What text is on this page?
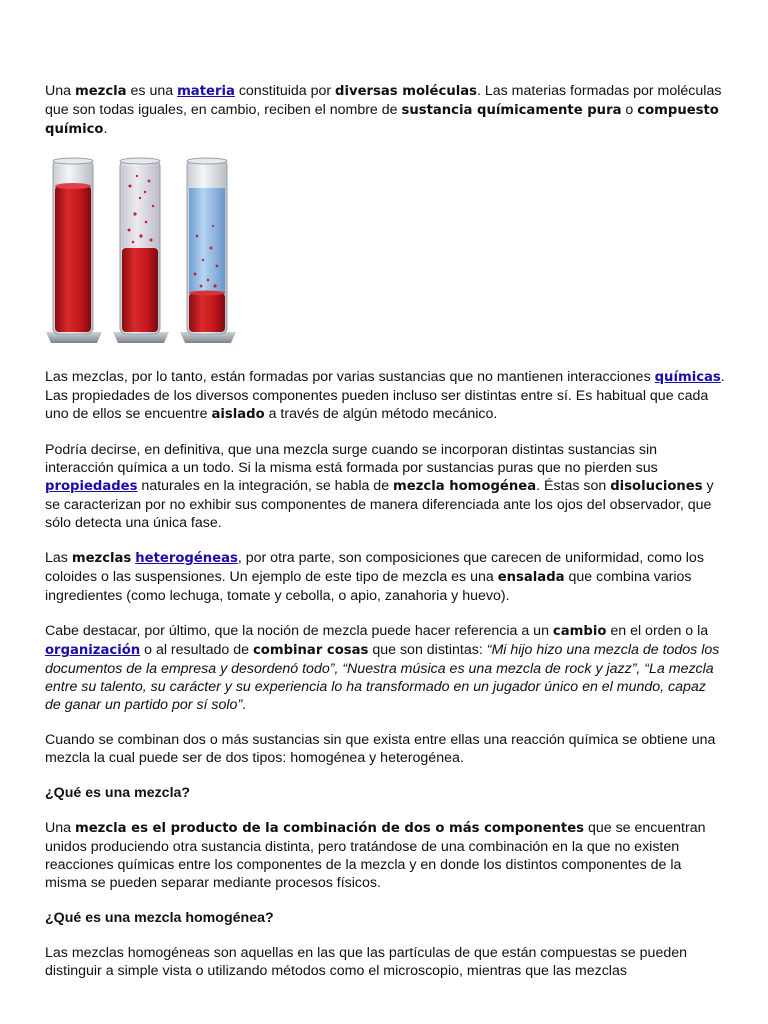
Una mezcla es una materia constituida por diversas moléculas. Las materias formadas por moléculas que son todas iguales, en cambio, reciben el nombre de sustancia químicamente pura o compuesto químico.

Las mezclas, por lo tanto, están formadas por varias sustancias que no mantienen interacciones químicas. Las propiedades de los diversos componentes pueden incluso ser distintas entre sí. Es habitual que cada uno de ellos se encuentre aislado a través de algún método mecánico.

Podría decirse, en definitiva, que una mezcla surge cuando se incorporan distintas sustancias sin interacción química a un todo. Si la misma está formada por sustancias puras que no pierden sus propiedades naturales en la integración, se habla de mezcla homogénea. Éstas son disoluciones y se caracterizan por no exhibir sus componentes de manera diferenciada ante los ojos del observador, que sólo detecta una única fase.

Las mezclas heterogéneas, por otra parte, son composiciones que carecen de uniformidad, como los coloides o las suspensiones. Un ejemplo de este tipo de mezcla es una ensalada que combina varios ingredientes (como lechuga, tomate y cebolla, o apio, zanahoria y huevo).

Cabe destacar, por último, que la noción de mezcla puede hacer referencia a un cambio en el orden o la organización o al resultado de combinar cosas que son distintas: “Mi hijo hizo una mezcla de todos los documentos de la empresa y desordenó todo”, “Nuestra música es una mezcla de rock y jazz”, “La mezcla entre su talento, su carácter y su experiencia lo ha transformado en un jugador único en el mundo, capaz de ganar un partido por sí solo”.

Cuando se combinan dos o más sustancias sin que exista entre ellas una reacción química se obtiene una mezcla la cual puede ser de dos tipos: homogénea y heterogénea.

¿Qué es una mezcla?

Una mezcla es el producto de la combinación de dos o más componentes que se encuentran unidos produciendo otra sustancia distinta, pero tratándose de una combinación en la que no existen reacciones químicas entre los componentes de la mezcla y en donde los distintos componentes de la misma se pueden separar mediante procesos físicos.

¿Qué es una mezcla homogénea?

Las mezclas homogéneas son aquellas en las que las partículas de que están compuestas se pueden distinguir a simple vista o utilizando métodos como el microscopio, mientras que las mezclas
